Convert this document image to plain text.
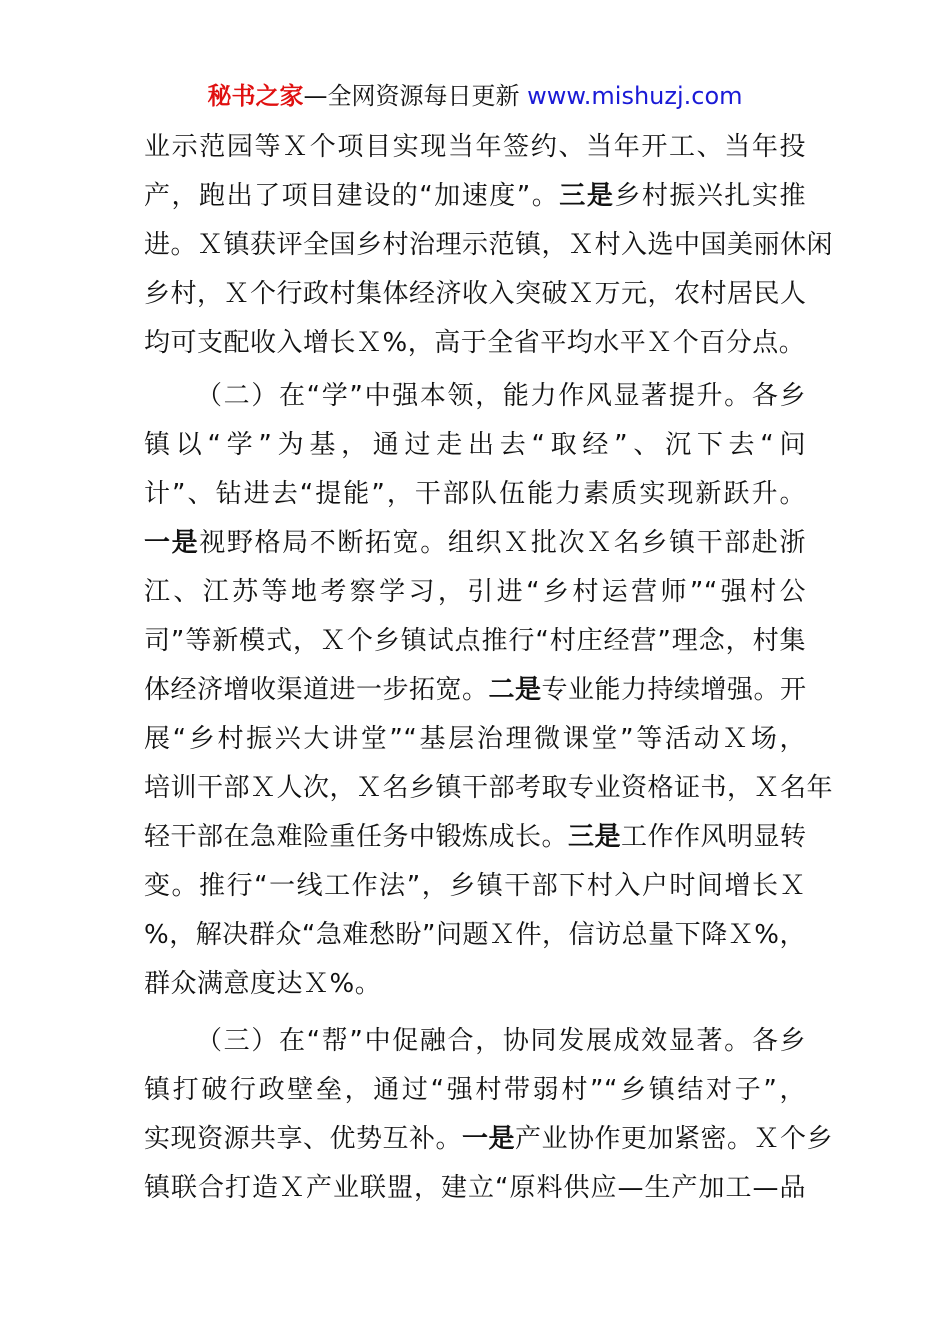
秘书之家—全网资源每日更新 www.mishuzj.com
业示范园等Ｘ个项目实现当年签约、当年开工、当年投
产，跑出了项目建设的“加速度”。三是乡村振兴扎实推
进。Ｘ镇获评全国乡村治理示范镇，Ｘ村入选中国美丽休闲
乡村，Ｘ个行政村集体经济收入突破Ｘ万元，农村居民人
均可支配收入增长Ｘ%，高于全省平均水平Ｘ个百分点。
（二）在“学”中强本领，能力作风显著提升。各乡
镇以“学”为基，通过走出去“取经”、沉下去“问
计”、钻进去“提能”，干部队伍能力素质实现新跃升。
一是视野格局不断拓宽。组织Ｘ批次Ｘ名乡镇干部赴浙
江、江苏等地考察学习，引进“乡村运营师”“强村公
司”等新模式，Ｘ个乡镇试点推行“村庄经营”理念，村集
体经济增收渠道进一步拓宽。二是专业能力持续增强。开
展“乡村振兴大讲堂”“基层治理微课堂”等活动Ｘ场，
培训干部Ｘ人次，Ｘ名乡镇干部考取专业资格证书，Ｘ名年
轻干部在急难险重任务中锻炼成长。三是工作作风明显转
变。推行“一线工作法”，乡镇干部下村入户时间增长Ｘ
%，解决群众“急难愁盼”问题Ｘ件，信访总量下降Ｘ%，
群众满意度达Ｘ%。
（三）在“帮”中促融合，协同发展成效显著。各乡
镇打破行政壁垒，通过“强村带弱村”“乡镇结对子”，
实现资源共享、优势互补。一是产业协作更加紧密。Ｘ个乡
镇联合打造Ｘ产业联盟，建立“原料供应—生产加工—品
